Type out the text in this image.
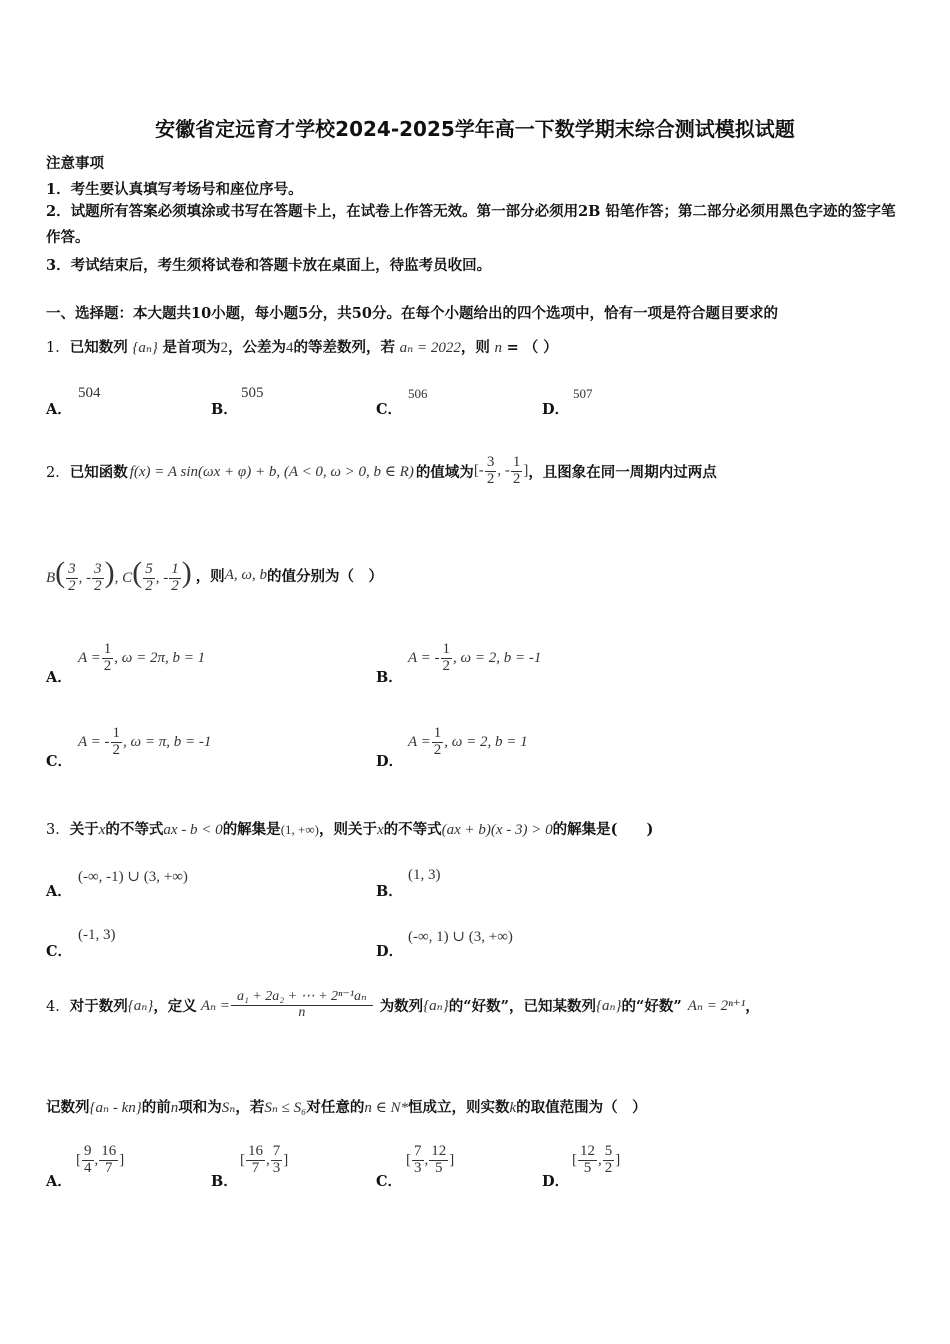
安徽省定远育才学校2024-2025学年高一下数学期末综合测试模拟试题
注意事项
1．考生要认真填写考场号和座位序号。
2．试题所有答案必须填涂或书写在答题卡上，在试卷上作答无效。第一部分必须用2B 铅笔作答；第二部分必须用黑色字迹的签字笔作答。
3．考试结束后，考生须将试卷和答题卡放在桌面上，待监考员收回。
一、选择题：本大题共10小题，每小题5分，共50分。在每个小题给出的四个选项中，恰有一项是符合题目要求的
1．已知数列 {aₙ} 是首项为2，公差为4的等差数列，若 aₙ = 2022，则 n = （ ）
A．
504
B．
505
C．
506
D．
507
2． 已知函数 f(x) = A sin(ωx + φ) + b, (A < 0, ω > 0, b ∈ R) 的值域为 [- $\frac{3}{2}$ , - $\frac{1}{2}$ ] ，且图象在同一周期内过两点
$B( \frac{3}{2}$ , - $\frac{3}{2}$ ), $C( \frac{5}{2}$ , - $\frac{1}{2}$ ) ，则 A, ω, b 的值分别为（　）
A．
$A = \frac{1}{2}$ , ω = 2π, b = 1
B．
A = - $\frac{1}{2}$ , ω = 2, b = -1
C．
A = - $\frac{1}{2}$ , ω = π, b = -1
D．
$A = \frac{1}{2}$ , ω = 2, b = 1
3．关于x的不等式ax - b < 0的解集是(1, +∞)，则关于x的不等式(ax + b)(x - 3) > 0的解集是(　　)
A．
(-∞, -1) ∪ (3, +∞)
B．
(1, 3)
C．
(-1, 3)
D．
(-∞, 1) ∪ (3, +∞)
4． 对于数列 {aₙ} ，定义 $A_n = \frac{\text{a₁ + 2a₂ + ⋯ + 2ⁿ⁻¹aₙ}}{n}$ 为数列 {aₙ} 的“好数”，已知某数列 {aₙ} 的“好数” Aₙ = 2ⁿ⁺¹ ，
记数列{aₙ - kn}的前n项和为Sₙ，若Sₙ ≤ S₆对任意的n ∈ N*恒成立，则实数k的取值范围为（　）
A．
[ $\frac{9}{4}$ , $\frac{16}{7}$ ]
B．
[ $\frac{16}{7}$ , $\frac{7}{3}$ ]
C．
[ $\frac{7}{3}$ , $\frac{12}{5}$ ]
D．
[ $\frac{12}{5}$ , $\frac{5}{2}$ ]
